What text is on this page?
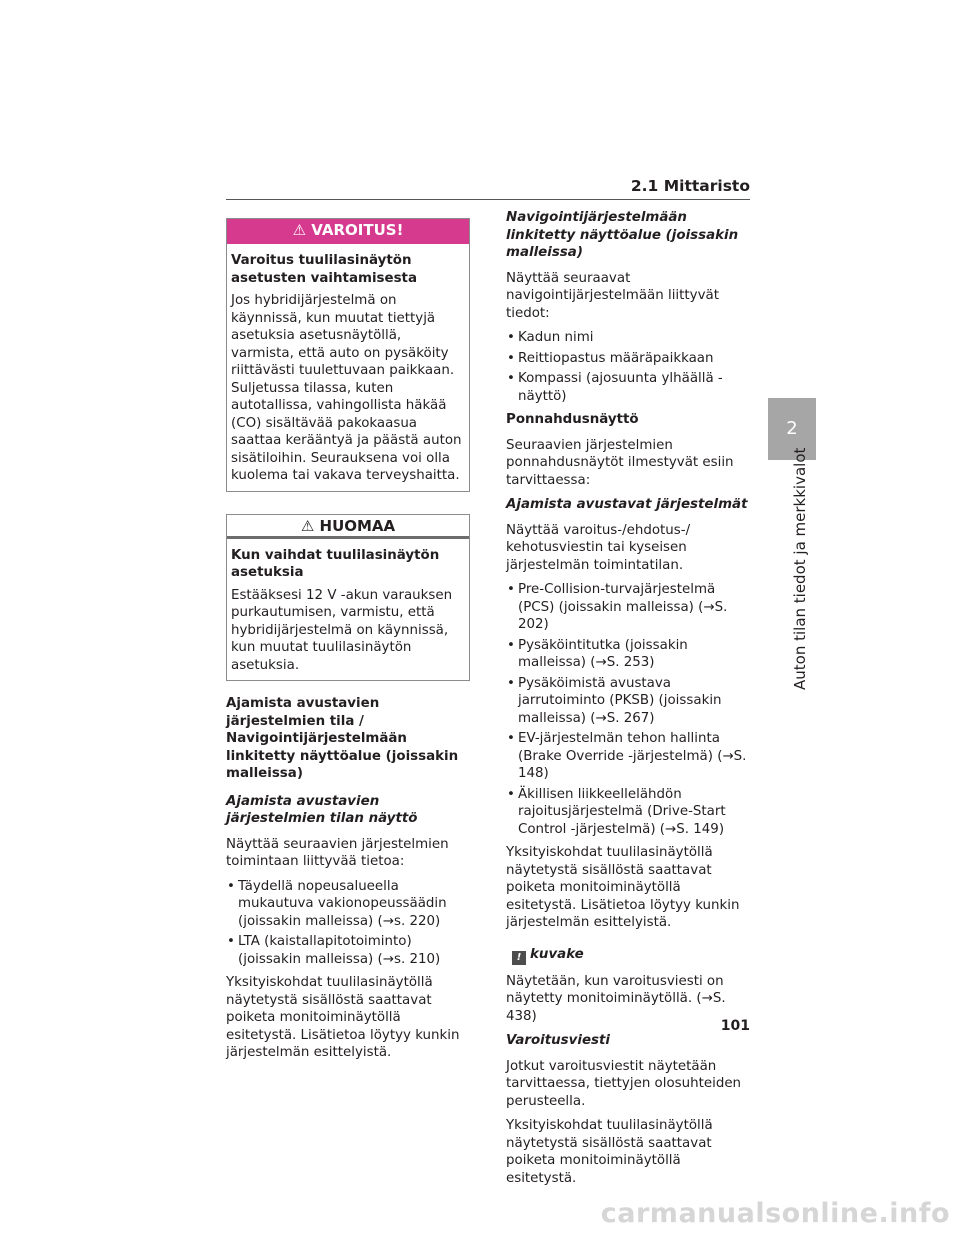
2.1 Mittaristo
2
Auton tilan tiedot ja merkkivalot
⚠ VAROITUS!
Varoitus tuulilasinäytön asetusten vaihtamisesta
Jos hybridijärjestelmä on käynnissä, kun muutat tiettyjä asetuksia asetusnäytöllä, varmista, että auto on pysäköity riittävästi tuulettuvaan paikkaan. Suljetussa tilassa, kuten autotallissa, vahingollista häkää (CO) sisältävää pakokaasua saattaa kerääntyä ja päästä auton sisätiloihin. Seurauksena voi olla kuolema tai vakava terveyshaitta.
⚠ HUOMAA
Kun vaihdat tuulilasinäytön asetuksia
Estääksesi 12 V -akun varauksen purkautumisen, varmistu, että hybridijärjestelmä on käynnissä, kun muutat tuulilasinäytön asetuksia.
Ajamista avustavien järjestelmien tila / Navigointijärjestelmään linkitetty näyttöalue (joissakin malleissa)
Ajamista avustavien järjestelmien tilan näyttö

Näyttää seuraavien järjestelmien toimintaan liittyvää tietoa:

• Täydellä nopeusalueella mukautuva vakionopeussäädin (joissakin malleissa) (→s. 220)
• LTA (kaistallapitotoiminto) (joissakin malleissa) (→s. 210)

Yksityiskohdat tuulilasinäytöllä näytetystä sisällöstä saattavat poiketa monitoiminäytöllä esitetystä. Lisätietoa löytyy kunkin järjestelmän esittelyistä.

Navigointijärjestelmään linkitetty näyttöalue (joissakin malleissa)

Näyttää seuraavat navigointijärjestelmään liittyvät tiedot:

• Kadun nimi
• Reittiopastus määräpaikkaan
• Kompassi (ajosuunta ylhäällä -näyttö)
Ponnahdusnäyttö

Seuraavien järjestelmien ponnahdusnäytöt ilmestyvät esiin tarvittaessa:

Ajamista avustavat järjestelmät

Näyttää varoitus-/ehdotus-/ kehotusviestin tai kyseisen järjestelmän toimintatilan.

• Pre-Collision-turvajärjestelmä (PCS) (joissakin malleissa) (→S. 202)
• Pysäköintitutka (joissakin malleissa) (→S. 253)
• Pysäköimistä avustava jarrutoiminto (PKSB) (joissakin malleissa) (→S. 267)
• EV-järjestelmän tehon hallinta (Brake Override -järjestelmä) (→S. 148)
• Äkillisen liikkeellelähdön rajoitusjärjestelmä (Drive-Start Control -järjestelmä) (→S. 149)

Yksityiskohdat tuulilasinäytöllä näytetystä sisällöstä saattavat poiketa monitoiminäytöllä esitetystä. Lisätietoa löytyy kunkin järjestelmän esittelyistä.

! kuvake

Näytetään, kun varoitusviesti on näytetty monitoiminäytöllä. (→S. 438)

Varoitusviesti

Jotkut varoitusviestit näytetään tarvittaessa, tiettyjen olosuhteiden perusteella.

Yksityiskohdat tuulilasinäytöllä näytetystä sisällöstä saattavat poiketa monitoiminäytöllä esitetystä.

101
carmanualsonline.info
